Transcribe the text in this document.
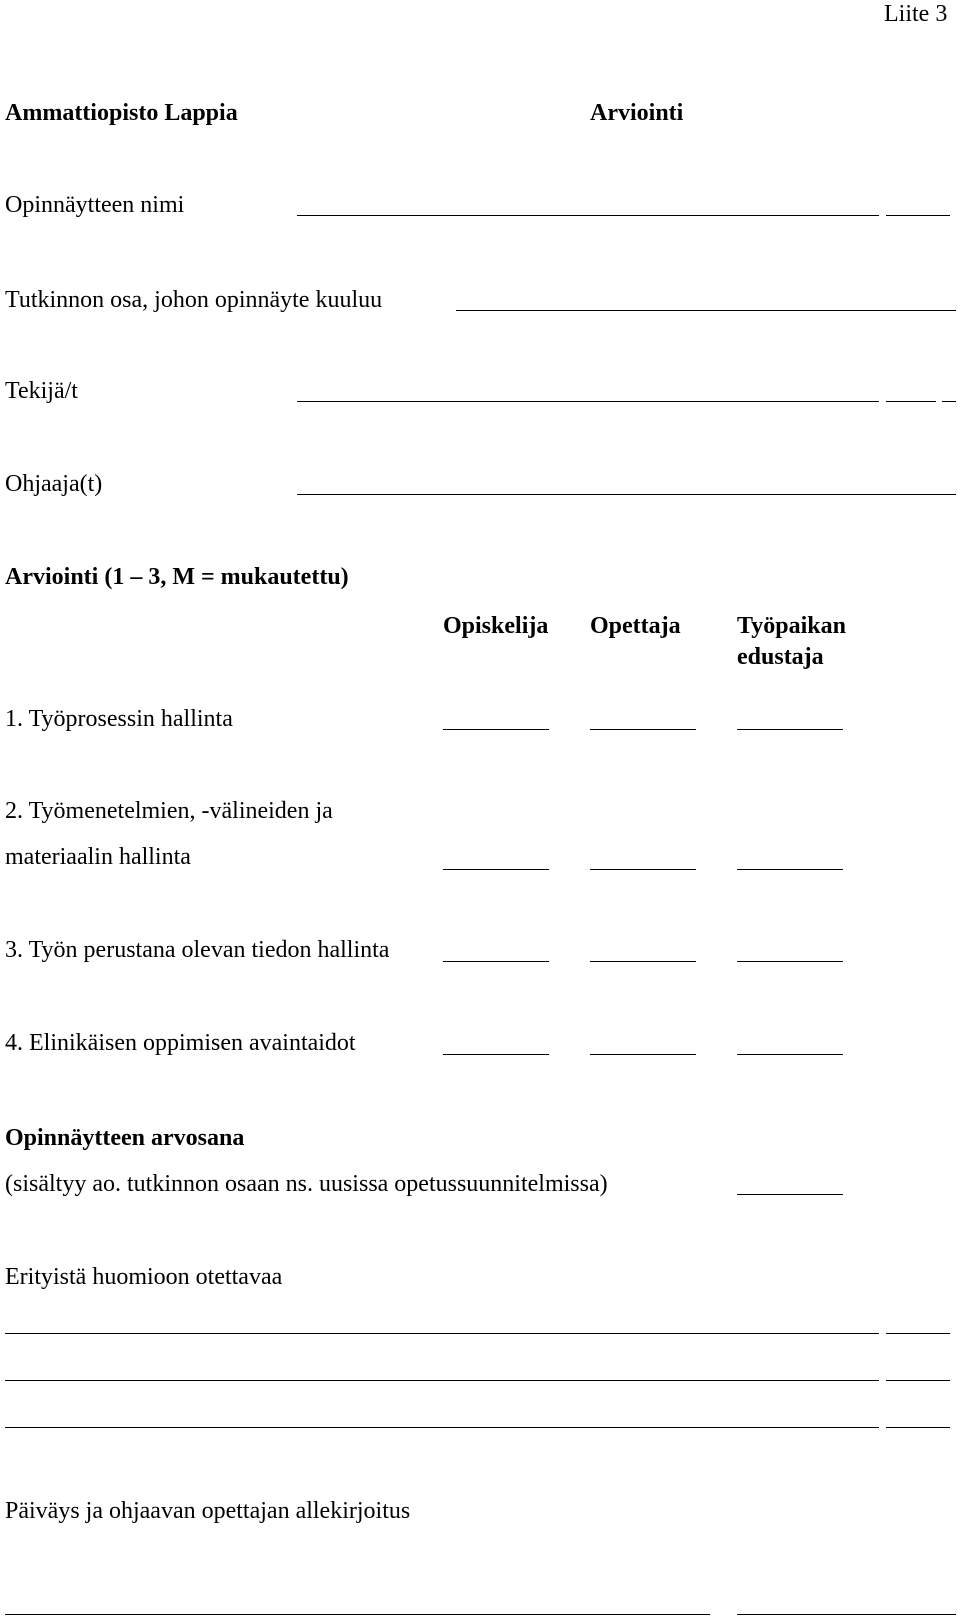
Liite 3
Ammattiopisto Lappia	Arviointi
Opinnäytteen nimi
Tutkinnon osa, johon opinnäyte kuuluu
Tekijä/t
Ohjaaja(t)
Arviointi (1 – 3, M = mukautettu)
Opiskelija Opettaja Työpaikan
edustaja
1. Työprosessin hallinta
2. Työmenetelmien, -välineiden ja
materiaalin hallinta
3. Työn perustana olevan tiedon hallinta
4. Elinikäisen oppimisen avaintaidot
Opinnäytteen arvosana
(sisältyy ao. tutkinnon osaan ns. uusissa opetussuunnitelmissa)
Erityistä huomioon otettavaa
Päiväys ja ohjaavan opettajan allekirjoitus
